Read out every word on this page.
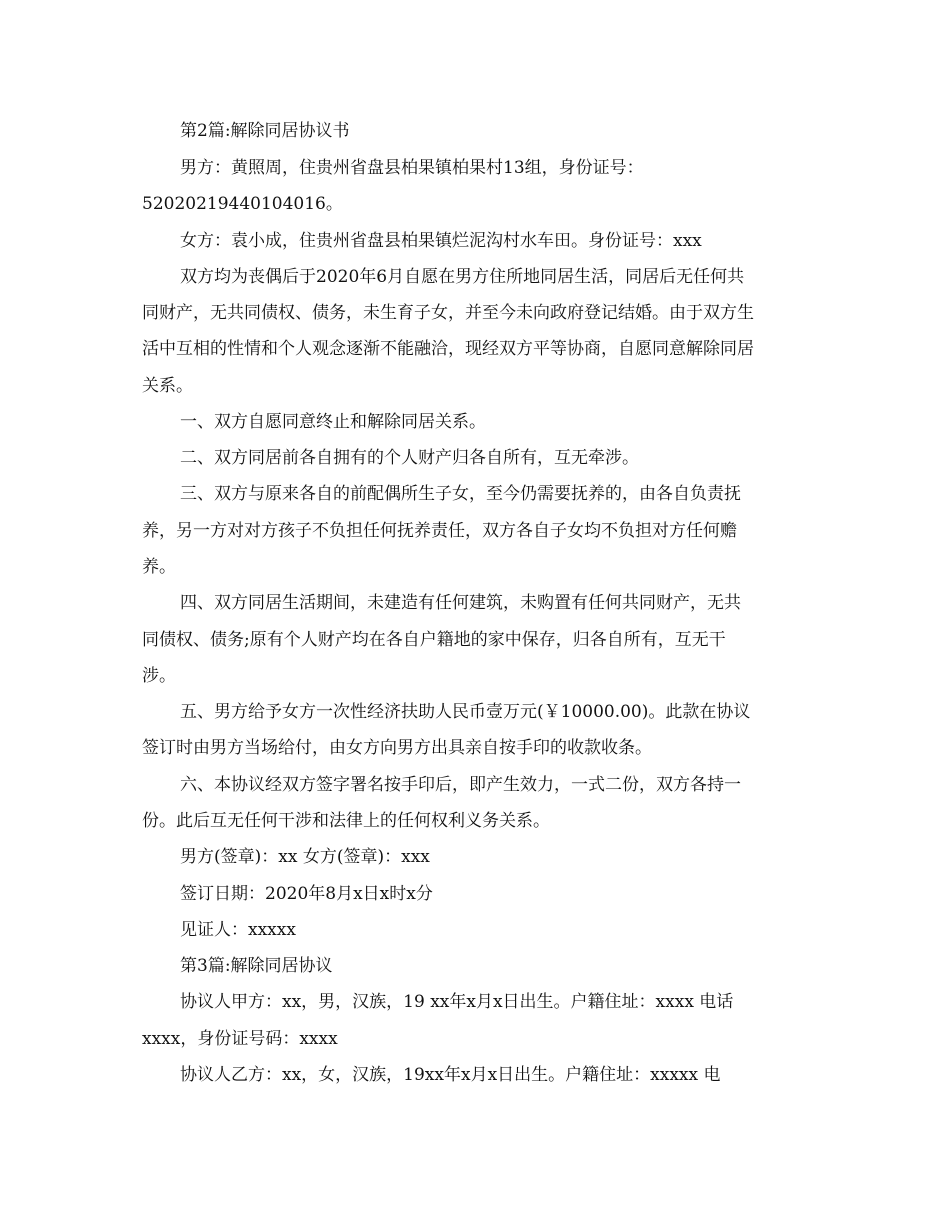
第2篇:解除同居协议书

男方：黄照周，住贵州省盘县柏果镇柏果村13组，身份证号：

52020219440104016。

女方：袁小成，住贵州省盘县柏果镇烂泥沟村水车田。身份证号：xxx

双方均为丧偶后于2020年6月自愿在男方住所地同居生活，同居后无任何共

同财产，无共同债权、债务，未生育子女，并至今未向政府登记结婚。由于双方生

活中互相的性情和个人观念逐渐不能融洽，现经双方平等协商，自愿同意解除同居

关系。

一、双方自愿同意终止和解除同居关系。

二、双方同居前各自拥有的个人财产归各自所有，互无牵涉。

三、双方与原来各自的前配偶所生子女，至今仍需要抚养的，由各自负责抚

养，另一方对对方孩子不负担任何抚养责任，双方各自子女均不负担对方任何赡

养。

四、双方同居生活期间，未建造有任何建筑，未购置有任何共同财产，无共

同债权、债务;原有个人财产均在各自户籍地的家中保存，归各自所有，互无干

涉。

五、男方给予女方一次性经济扶助人民币壹万元(￥10000.00)。此款在协议

签订时由男方当场给付，由女方向男方出具亲自按手印的收款收条。

六、本协议经双方签字署名按手印后，即产生效力，一式二份，双方各持一

份。此后互无任何干涉和法律上的任何权利义务关系。

男方(签章)：xx 女方(签章)：xxx

签订日期：2020年8月x日x时x分

见证人：xxxxx

第3篇:解除同居协议

协议人甲方：xx，男，汉族，19 xx年x月x日出生。户籍住址：xxxx 电话

xxxx，身份证号码：xxxx

协议人乙方：xx，女，汉族，19xx年x月x日出生。户籍住址：xxxxx 电
